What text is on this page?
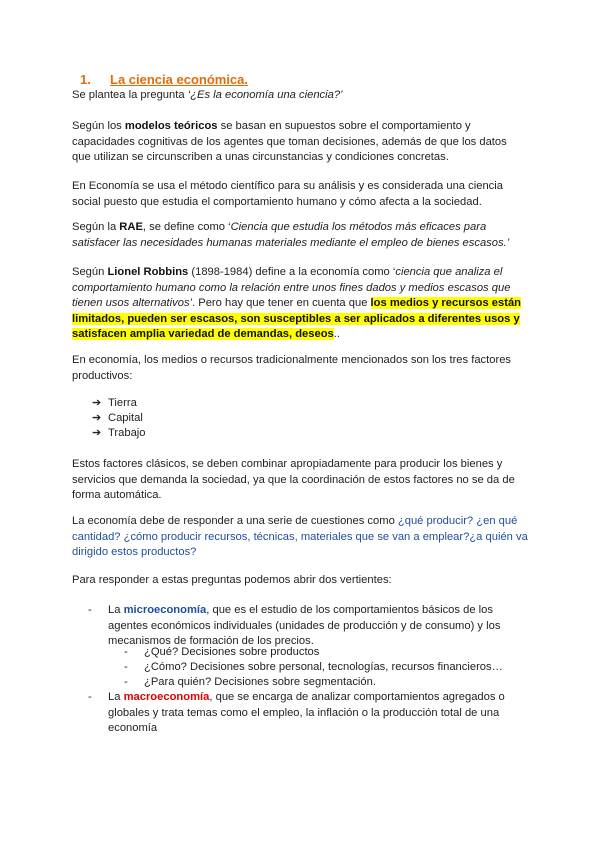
1. La ciencia económica.

Se plantea la pregunta ‘¿Es la economía una ciencia?’

Según los modelos teóricos se basan en supuestos sobre el comportamiento y capacidades cognitivas de los agentes que toman decisiones, además de que los datos que utilizan se circunscriben a unas circunstancias y condiciones concretas.

En Economía se usa el método científico para su análisis y es considerada una ciencia social puesto que estudia el comportamiento humano y cómo afecta a la sociedad.

Según la RAE, se define como ‘Ciencia que estudia los métodos más eficaces para satisfacer las necesidades humanas materiales mediante el empleo de bienes escasos.’

Según Lionel Robbins (1898-1984) define a la economía como ‘ciencia que analiza el comportamiento humano como la relación entre unos fines dados y medios escasos que tienen usos alternativos’. Pero hay que tener en cuenta que los medios y recursos están limitados, pueden ser escasos, son susceptibles a ser aplicados a diferentes usos y satisfacen amplia variedad de demandas, deseos..

En economía, los medios o recursos tradicionalmente mencionados son los tres factores productivos:

➔ Tierra
➔ Capital
➔ Trabajo

Estos factores clásicos, se deben combinar apropiadamente para producir los bienes y servicios que demanda la sociedad, ya que la coordinación de estos factores no se da de forma automática.

La economía debe de responder a una serie de cuestiones como ¿qué producir? ¿en qué cantidad? ¿cómo producir recursos, técnicas, materiales que se van a emplear?¿a quién va dirigido estos productos?

Para responder a estas preguntas podemos abrir dos vertientes:

- La microeconomía, que es el estudio de los comportamientos básicos de los agentes económicos individuales (unidades de producción y de consumo) y los mecanismos de formación de los precios.
- ¿Qué? Decisiones sobre productos
- ¿Cómo? Decisiones sobre personal, tecnologías, recursos financieros…
- ¿Para quién? Decisiones sobre segmentación.
- La macroeconomía, que se encarga de analizar comportamientos agregados o globales y trata temas como el empleo, la inflación o la producción total de una economía
